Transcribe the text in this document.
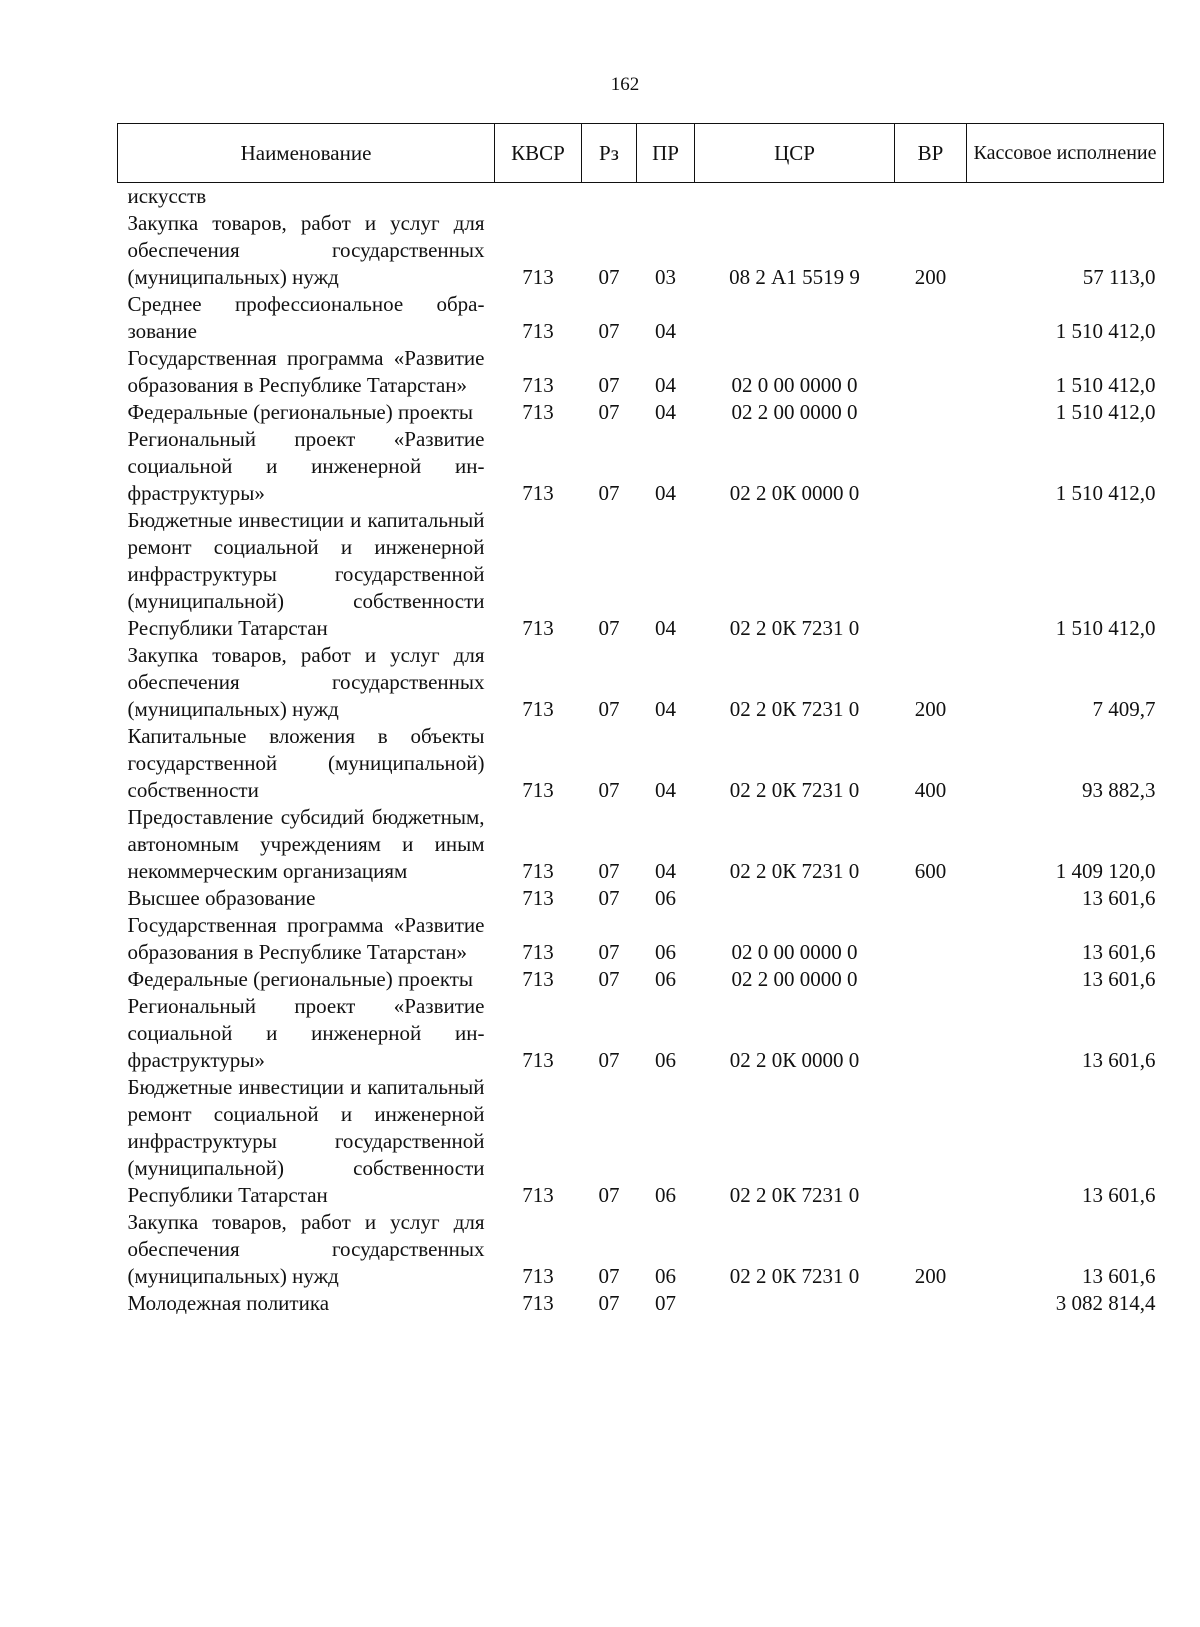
162
Наименование	КВСР	Рз	ПР	ЦСР	ВР	Кассовое исполнение
искусств						
Закупка товаров, работ и услуг для обеспечения государственных (муниципальных) нужд	713	07	03	08 2 А1 5519 9	200	57 113,0
Среднее профессиональное образование	713	07	04			1 510 412,0
Государственная программа «Развитие образования в Республике Татарстан»	713	07	04	02 0 00 0000 0		1 510 412,0
Федеральные (региональные) проекты	713	07	04	02 2 00 0000 0		1 510 412,0
Региональный проект «Развитие социальной и инженерной инфраструктуры»	713	07	04	02 2 0К 0000 0		1 510 412,0
Бюджетные инвестиции и капитальный ремонт социальной и инженерной инфраструктуры государственной (муниципальной) собственности Республики Татарстан	713	07	04	02 2 0К 7231 0		1 510 412,0
Закупка товаров, работ и услуг для обеспечения государственных (муниципальных) нужд	713	07	04	02 2 0К 7231 0	200	7 409,7
Капитальные вложения в объекты государственной (муниципальной) собственности	713	07	04	02 2 0К 7231 0	400	93 882,3
Предоставление субсидий бюджетным, автономным учреждениям и иным некоммерческим организациям	713	07	04	02 2 0К 7231 0	600	1 409 120,0
Высшее образование	713	07	06			13 601,6
Государственная программа «Развитие образования в Республике Татарстан»	713	07	06	02 0 00 0000 0		13 601,6
Федеральные (региональные) проекты	713	07	06	02 2 00 0000 0		13 601,6
Региональный проект «Развитие социальной и инженерной инфраструктуры»	713	07	06	02 2 0К 0000 0		13 601,6
Бюджетные инвестиции и капитальный ремонт социальной и инженерной инфраструктуры государственной (муниципальной) собственности Республики Татарстан	713	07	06	02 2 0К 7231 0		13 601,6
Закупка товаров, работ и услуг для обеспечения государственных (муниципальных) нужд	713	07	06	02 2 0К 7231 0	200	13 601,6
Молодежная политика	713	07	07			3 082 814,4
